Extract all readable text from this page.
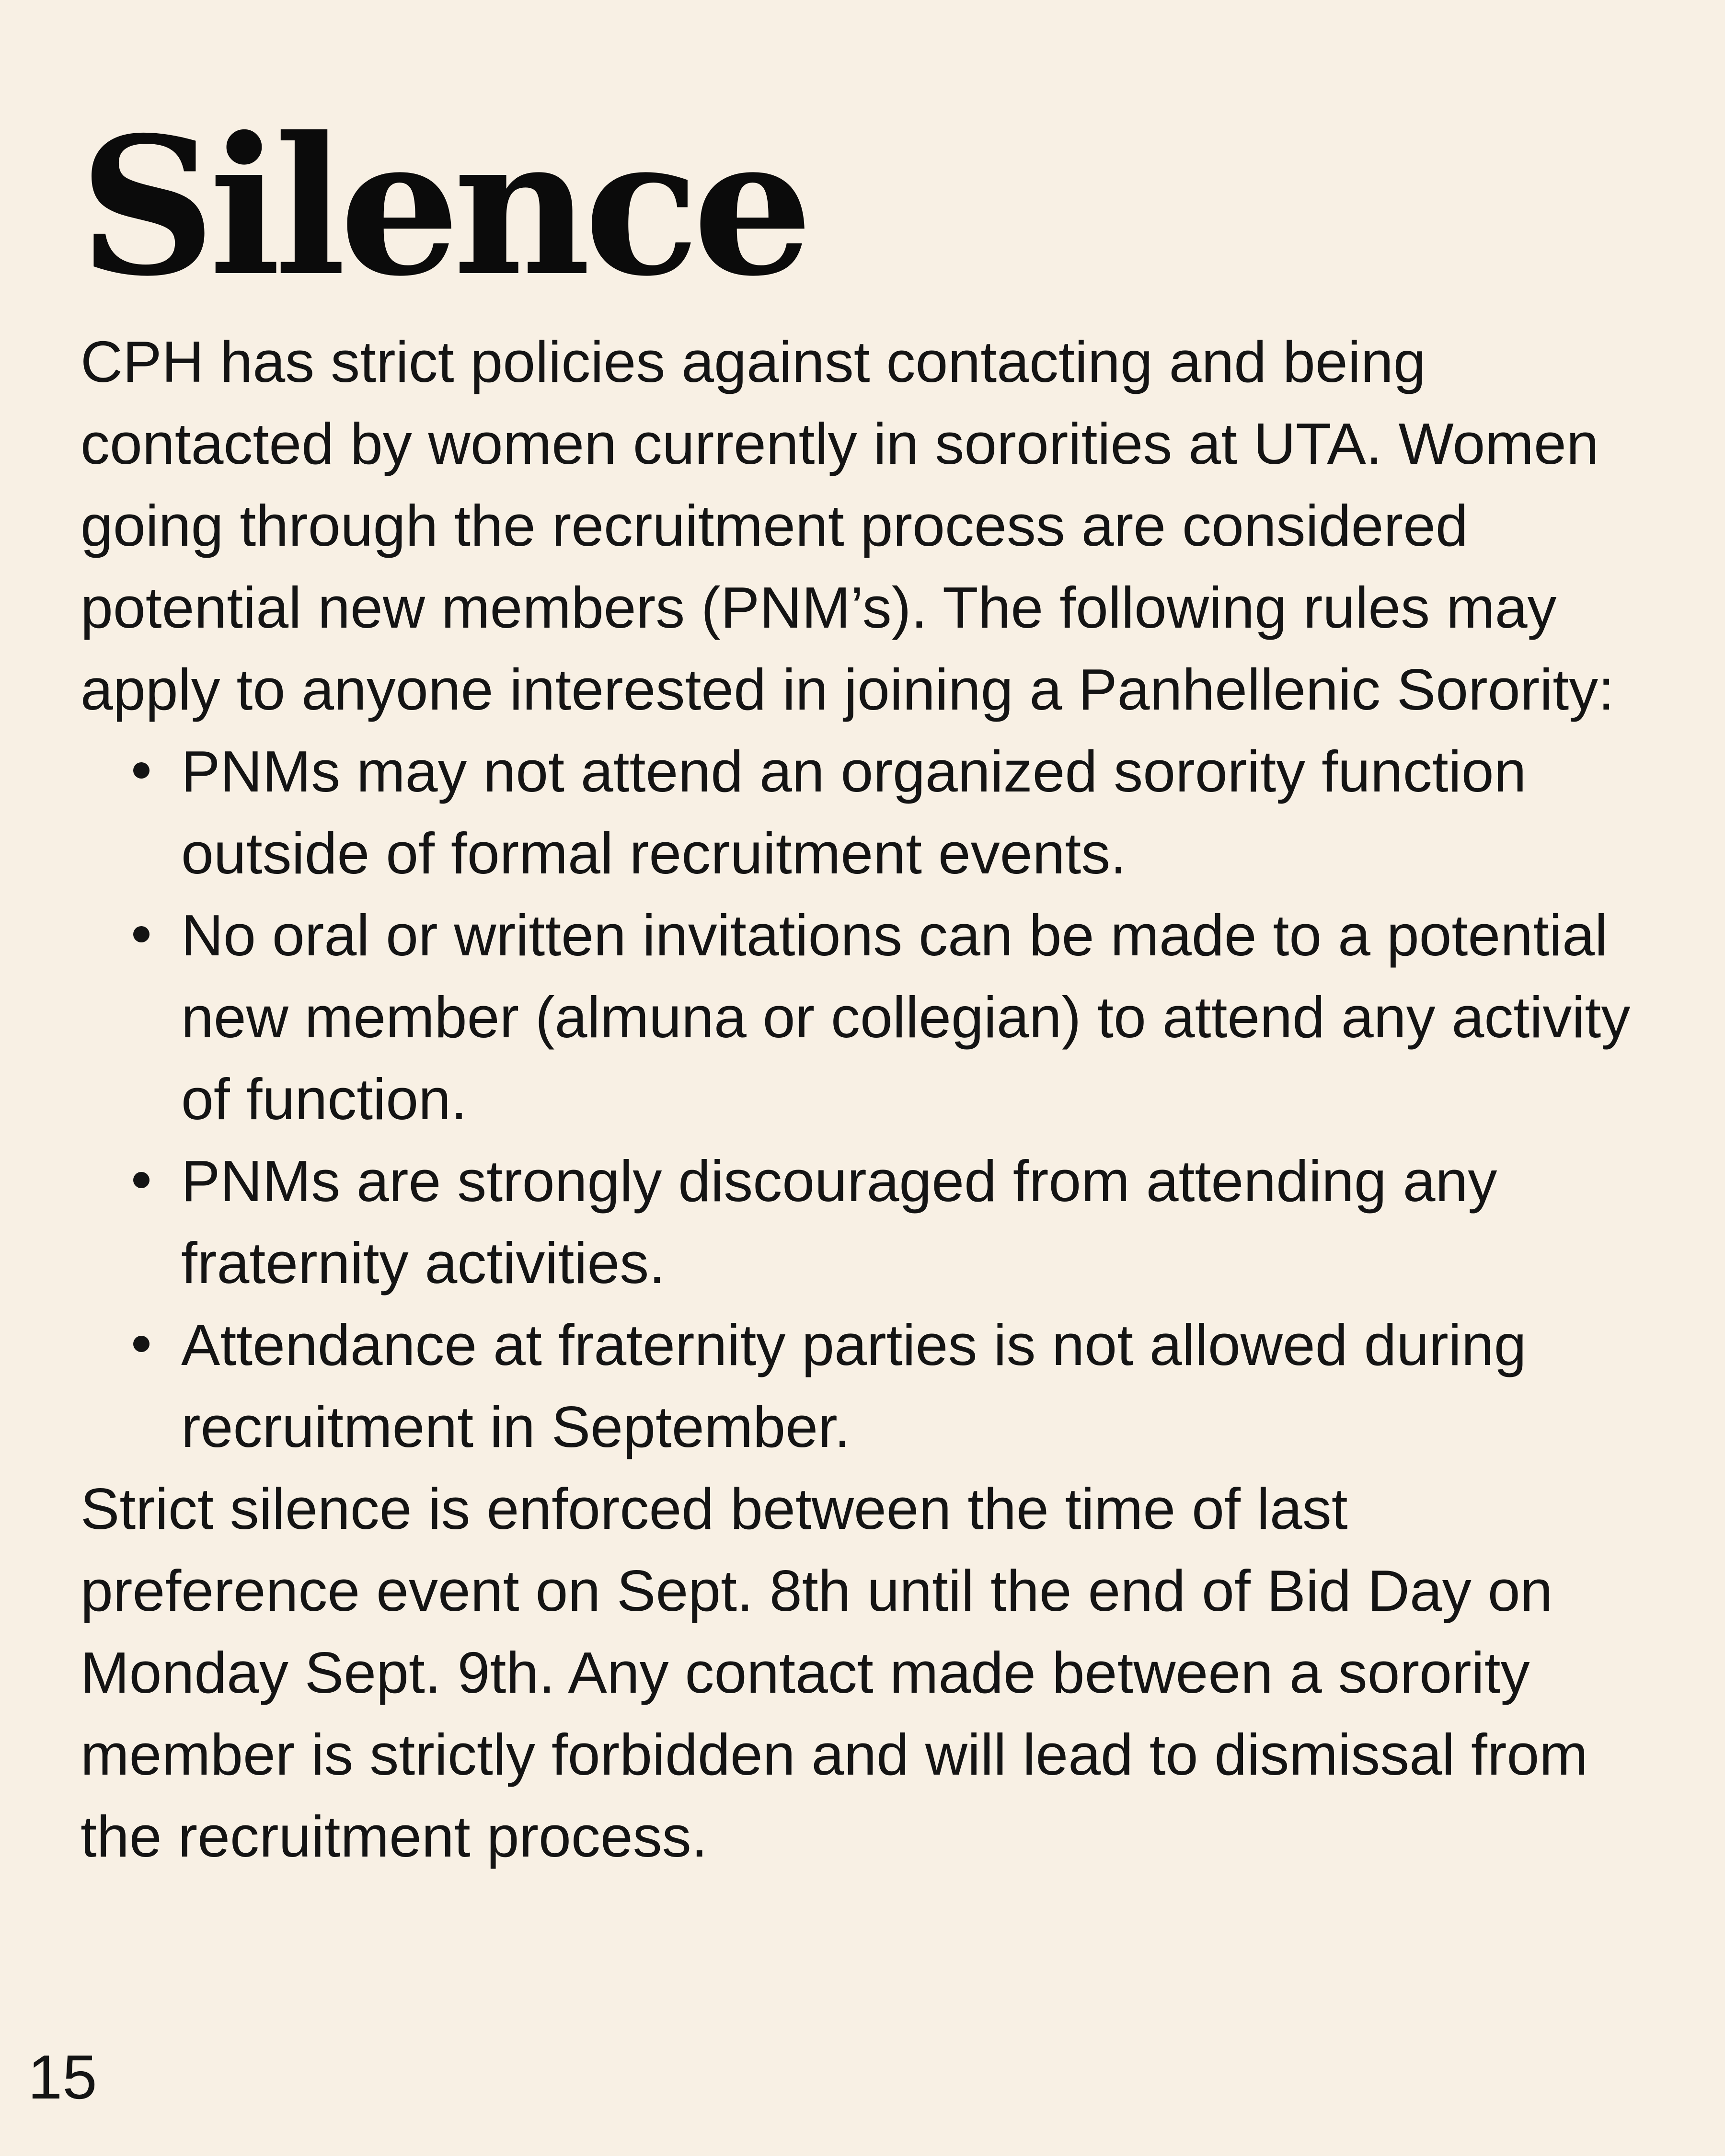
Silence

CPH has strict policies against contacting and being contacted by women currently in sororities at UTA. Women going through the recruitment process are considered potential new members (PNM’s). The following rules may apply to anyone interested in joining a Panhellenic Sorority:

PNMs may not attend an organized sorority function outside of formal recruitment events.
No oral or written invitations can be made to a potential new member (almuna or collegian) to attend any activity of function.
PNMs are strongly discouraged from attending any fraternity activities.
Attendance at fraternity parties is not allowed during recruitment in September.

Strict silence is enforced between the time of last preference event on Sept. 8th until the end of Bid Day on Monday Sept. 9th. Any contact made between a sorority member is strictly forbidden and will lead to dismissal from the recruitment process.

15
